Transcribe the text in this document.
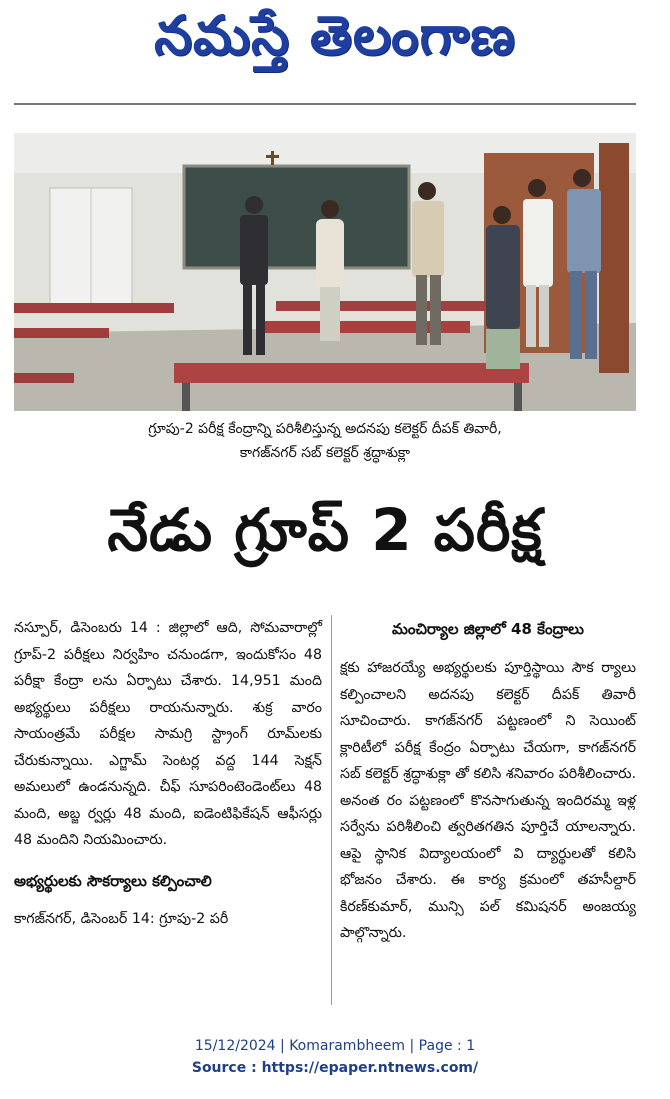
నమస్తే తెలంగాణ
గ్రూపు-2 పరీక్ష కేంద్రాన్ని పరిశీలిస్తున్న అదనపు కలెక్టర్ దీపక్ తివారీ,
కాగజ్‌నగర్ సబ్ కలెక్టర్ శ్రద్ధాశుక్లా
నేడు గ్రూప్ 2 పరీక్ష

నస్పూర్, డిసెంబరు 14 : జిల్లాలో ఆది, సోమవారాల్లో గ్రూప్-2 పరీక్షలు నిర్వహిం చనుండగా, ఇందుకోసం 48 పరీక్షా కేంద్రా లను ఏర్పాటు చేశారు. 14,951 మంది అభ్యర్థులు పరీక్షలు రాయనున్నారు. శుక్ర వారం సాయంత్రమే పరీక్షల సామగ్రి స్ట్రాంగ్ రూమ్‌లకు చేరుకున్నాయి. ఎగ్జామ్ సెంటర్ల వద్ద 144 సెక్షన్ అమలులో ఉండనున్నది. చీఫ్ సూపరింటెండెంట్‌లు 48 మంది, అబ్జ ర్వర్లు 48 మంది, ఐడెంటిఫికేషన్ ఆఫీసర్లు 48 మందిని నియమించారు.

అభ్యర్థులకు సౌకర్యాలు కల్పించాలి

కాగజ్‌నగర్, డిసెంబర్ 14: గ్రూపు-2 పరీ

మంచిర్యాల జిల్లాలో 48 కేంద్రాలు

క్షకు హాజరయ్యే అభ్యర్థులకు పూర్తిస్థాయి సౌక ర్యాలు కల్పించాలని అదనపు కలెక్టర్ దీపక్ తివారీ సూచించారు. కాగజ్‌నగర్ పట్టణంలో ని సెయింట్ క్లారిటీలో పరీక్ష కేంద్రం ఏర్పాటు చేయగా, కాగజ్‌నగర్ సబ్ కలెక్టర్ శ్రద్ధాశుక్లా తో కలిసి శనివారం పరిశీలించారు. అనంత రం పట్టణంలో కొనసాగుతున్న ఇందిరమ్మ ఇళ్ల సర్వేను పరిశీలించి త్వరితగతిన పూర్తిచే యాలన్నారు. ఆపై స్థానిక విద్యాలయంలో వి ద్యార్థులతో కలిసి భోజనం చేశారు. ఈ కార్య క్రమంలో తహసీల్దార్ కిరణ్‌కుమార్, మున్సి పల్ కమిషనర్ అంజయ్య పాల్గొన్నారు.

15/12/2024 | Komarambheem | Page : 1
Source : https://epaper.ntnews.com/
